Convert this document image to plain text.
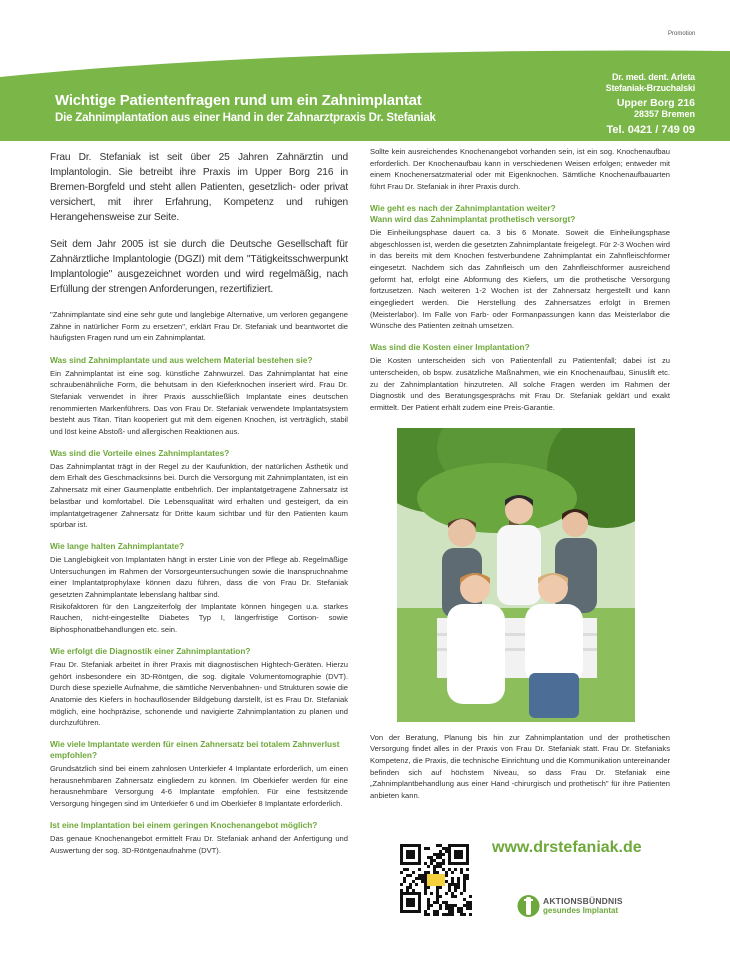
Promotion
Wichtige Patientenfragen rund um ein Zahnimplantat
Die Zahnimplantation aus einer Hand in der Zahnarztpraxis Dr. Stefaniak
Dr. med. dent. Arleta
Stefaniak-Brzuchalski
Upper Borg 216
28357 Bremen
Tel. 0421 / 749 09

Frau Dr. Stefaniak ist seit über 25 Jahren Zahnärztin und Implantologin. Sie betreibt ihre Praxis im Upper Borg 216 in Bremen-Borgfeld und steht allen Patienten, gesetzlich- oder privat versichert, mit ihrer Erfahrung, Kompetenz und ruhigen Herangehensweise zur Seite.

Seit dem Jahr 2005 ist sie durch die Deutsche Gesellschaft für Zahnärztliche Implantologie (DGZI) mit dem "Tätigkeitsschwerpunkt Implantologie" ausgezeichnet worden und wird regelmäßig, nach Erfüllung der strengen Anforderungen, rezertifiziert.

"Zahnimplantate sind eine sehr gute und langlebige Alternative, um verloren gegangene Zähne in natürlicher Form zu ersetzen", erklärt Frau Dr. Stefaniak und beantwortet die häufigsten Fragen rund um ein Zahnimplantat.

Was sind Zahnimplantate und aus welchem Material bestehen sie?

Ein Zahnimplantat ist eine sog. künstliche Zahnwurzel. Das Zahnimplantat hat eine schraubenähnliche Form, die behutsam in den Kieferknochen inseriert wird. Frau Dr. Stefaniak verwendet in ihrer Praxis ausschließlich Implantate eines deutschen renommierten Markenführers. Das von Frau Dr. Stefaniak verwendete Implantatsystem besteht aus Titan. Titan kooperiert gut mit dem eigenen Knochen, ist verträglich, stabil und löst keine Abstoß- und allergischen Reaktionen aus.

Was sind die Vorteile eines Zahnimplantates?

Das Zahnimplantat trägt in der Regel zu der Kaufunktion, der natürlichen Ästhetik und dem Erhalt des Geschmacksinns bei. Durch die Versorgung mit Zahnimplantaten, ist ein Zahnersatz mit einer Gaumenplatte entbehrlich. Der implantatgetragene Zahnersatz ist belastbar und komfortabel. Die Lebensqualität wird erhalten und gesteigert, da ein implantatgetragener Zahnersatz für Dritte kaum sichtbar und für den Patienten kaum spürbar ist.

Wie lange halten Zahnimplantate?

Die Langlebigkeit von Implantaten hängt in erster Linie von der Pflege ab. Regelmäßige Untersuchungen im Rahmen der Vorsorgeuntersuchungen sowie die Inanspruchnahme einer Implantatprophylaxe können dazu führen, dass die von Frau Dr. Stefaniak gesetzten Zahnimplantate lebenslang haltbar sind.

Risikofaktoren für den Langzeiterfolg der Implantate können hingegen u.a. starkes Rauchen, nicht-eingestellte Diabetes Typ I, längerfristige Cortison- sowie Biphosphonatbehandlungen etc. sein.

Wie erfolgt die Diagnostik einer Zahnimplantation?

Frau Dr. Stefaniak arbeitet in ihrer Praxis mit diagnostischen Hightech-Geräten. Hierzu gehört insbesondere ein 3D-Röntgen, die sog. digitale Volumentomographie (DVT). Durch diese spezielle Aufnahme, die sämtliche Nervenbahnen- und Strukturen sowie die Anatomie des Kiefers in hochauflösender Bildgebung darstellt, ist es Frau Dr. Stefaniak möglich, eine hochpräzise, schonende und navigierte Zahnimplantation zu planen und durchzuführen.

Wie viele Implantate werden für einen Zahnersatz bei totalem Zahnverlust empfohlen?

Grundsätzlich sind bei einem zahnlosen Unterkiefer 4 Implantate erforderlich, um einen herausnehmbaren Zahnersatz eingliedern zu können. Im Oberkiefer werden für eine herausnehmbare Versorgung 4-6 Implantate empfohlen. Für eine festsitzende Versorgung hingegen sind im Unterkiefer 6 und im Oberkiefer 8 Implantate erforderlich.

Ist eine Implantation bei einem geringen Knochenangebot möglich?

Das genaue Knochenangebot ermittelt Frau Dr. Stefaniak anhand der Anfertigung und Auswertung der sog. 3D-Röntgenaufnahme (DVT).

Sollte kein ausreichendes Knochenangebot vorhanden sein, ist ein sog. Knochenaufbau erforderlich. Der Knochenaufbau kann in verschiedenen Weisen erfolgen; entweder mit einem Knochenersatzmaterial oder mit Eigenknochen. Sämtliche Knochenaufbauarten führt Frau Dr. Stefaniak in ihrer Praxis durch.

Wie geht es nach der Zahnimplantation weiter?
Wann wird das Zahnimplantat prothetisch versorgt?

Die Einheilungsphase dauert ca. 3 bis 6 Monate. Soweit die Einheilungsphase abgeschlossen ist, werden die gesetzten Zahnimplantate freigelegt. Für 2-3 Wochen wird in das bereits mit dem Knochen festverbundene Zahnimplantat ein Zahnfleischformer eingesetzt. Nachdem sich das Zahnfleisch um den Zahnfleischformer ausreichend geformt hat, erfolgt eine Abformung des Kiefers, um die prothetische Versorgung fortzusetzen. Nach weiteren 1-2 Wochen ist der Zahnersatz hergestellt und kann eingegliedert werden. Die Herstellung des Zahnersatzes erfolgt in Bremen (Meisterlabor). Im Falle von Farb- oder Formanpassungen kann das Meisterlabor die Wünsche des Patienten zeitnah umsetzen.

Was sind die Kosten einer Implantation?

Die Kosten unterscheiden sich von Patientenfall zu Patientenfall; dabei ist zu unterscheiden, ob bspw. zusätzliche Maßnahmen, wie ein Knochenaufbau, Sinuslift etc. zu der Zahnimplantation hinzutreten. All solche Fragen werden im Rahmen der Diagnostik und des Beratungsgesprächs mit Frau Dr. Stefaniak geklärt und exakt ermittelt. Der Patient erhält zudem eine Preis-Garantie.

Von der Beratung, Planung bis hin zur Zahnimplantation und der prothetischen Versorgung findet alles in der Praxis von Frau Dr. Stefaniak statt. Frau Dr. Stefaniaks Kompetenz, die Praxis, die technische Einrichtung und die Kommunikation untereinander befinden sich auf höchstem Niveau, so dass Frau Dr. Stefaniak eine „Zahnimplantbehandlung aus einer Hand -chirurgisch und prothetisch" für ihre Patienten anbieten kann.

www.drstefaniak.de
AKTIONSBÜNDNIS
gesundes Implantat
